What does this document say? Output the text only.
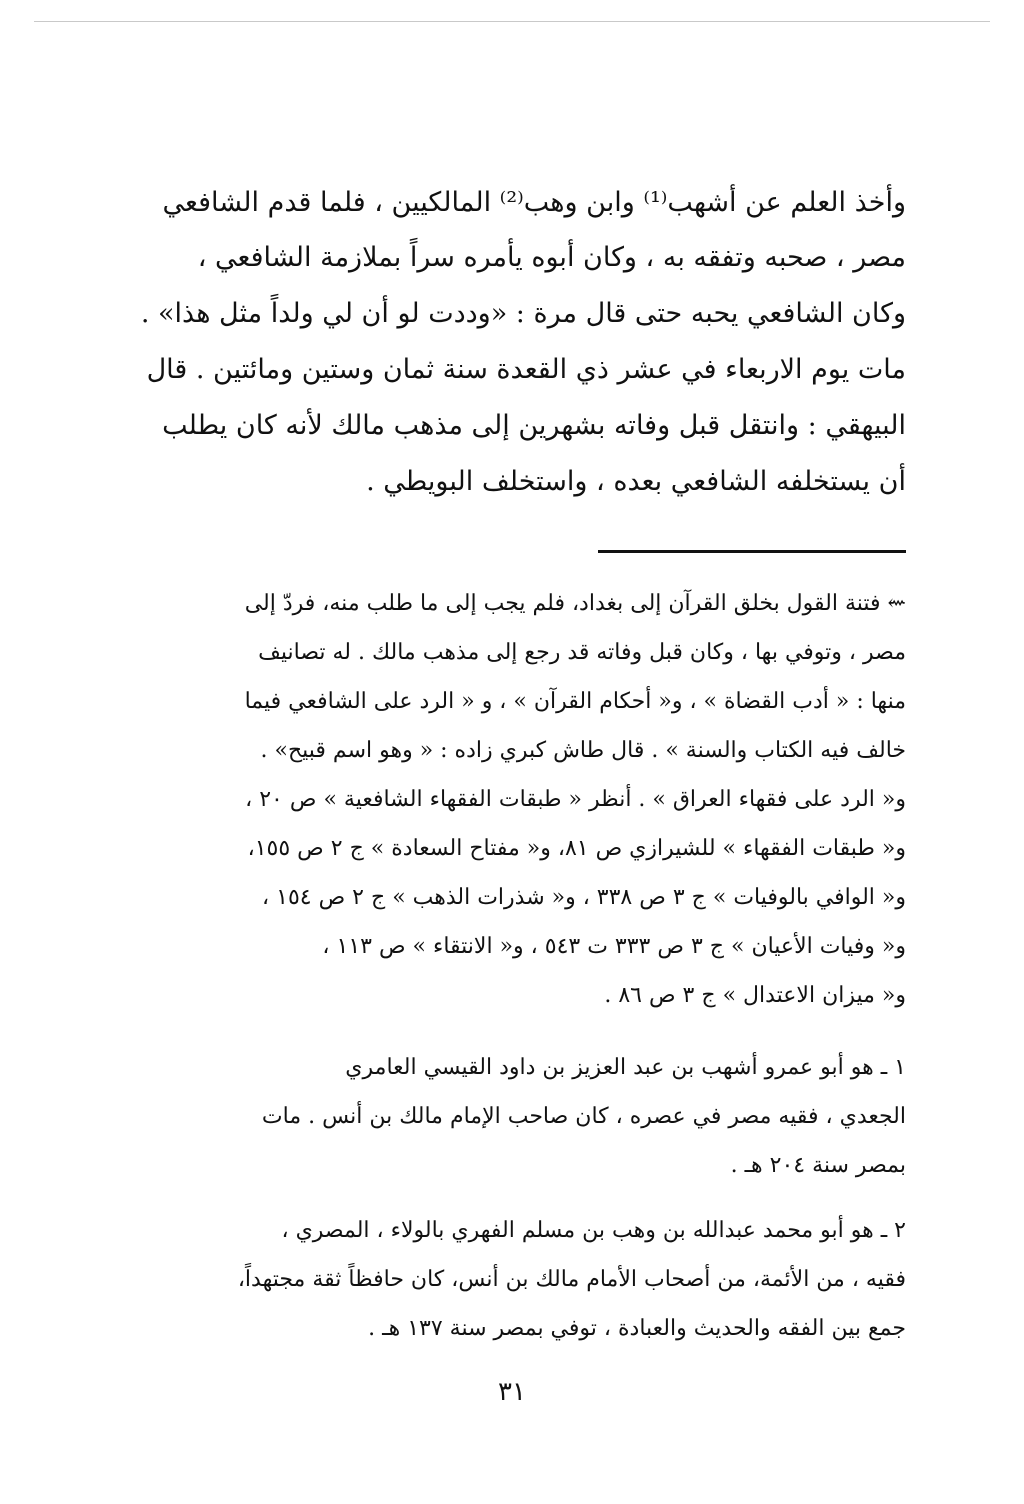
وأخذ العلم عن أشهب⁽¹⁾ وابن وهب⁽²⁾ المالكيين ، فلما قدم الشافعي
مصر ، صحبه وتفقه به ، وكان أبوه يأمره سراً بملازمة الشافعي ،
وكان الشافعي يحبه حتى قال مرة : «وددت لو أن لي ولداً مثل هذا» .
مات يوم الاربعاء في عشر ذي القعدة سنة ثمان وستين ومائتين . قال
البيهقي : وانتقل قبل وفاته بشهرين إلى مذهب مالك لأنه كان يطلب
أن يستخلفه الشافعي بعده ، واستخلف البويطي .
⇜ فتنة القول بخلق القرآن إلى بغداد، فلم يجب إلى ما طلب منه، فردّ إلى
مصر ، وتوفي بها ، وكان قبل وفاته قد رجع إلى مذهب مالك . له تصانيف
منها : « أدب القضاة » ، و« أحكام القرآن » ، و « الرد على الشافعي فيما
خالف فيه الكتاب والسنة » . قال طاش كبري زاده : « وهو اسم قبيح» .
و« الرد على فقهاء العراق » . أنظر « طبقات الفقهاء الشافعية » ص ٢٠ ،
و« طبقات الفقهاء » للشيرازي ص ٨١، و« مفتاح السعادة » ج ٢ ص ١٥٥،
و« الوافي بالوفيات » ج ٣ ص ٣٣٨ ، و« شذرات الذهب » ج ٢ ص ١٥٤ ،
و« وفيات الأعيان » ج ٣ ص ٣٣٣ ت ٥٤٣ ، و« الانتقاء » ص ١١٣ ،
و« ميزان الاعتدال » ج ٣ ص ٨٦ .
١ ـ هو أبو عمرو أشهب بن عبد العزيز بن داود القيسي العامري
الجعدي ، فقيه مصر في عصره ، كان صاحب الإمام مالك بن أنس . مات
بمصر سنة ٢٠٤ هـ .
٢ ـ هو أبو محمد عبدالله بن وهب بن مسلم الفهري بالولاء ، المصري ،
فقيه ، من الأئمة، من أصحاب الأمام مالك بن أنس، كان حافظاً ثقة مجتهداً،
جمع بين الفقه والحديث والعبادة ، توفي بمصر سنة ١٣٧ هـ .
٣١
